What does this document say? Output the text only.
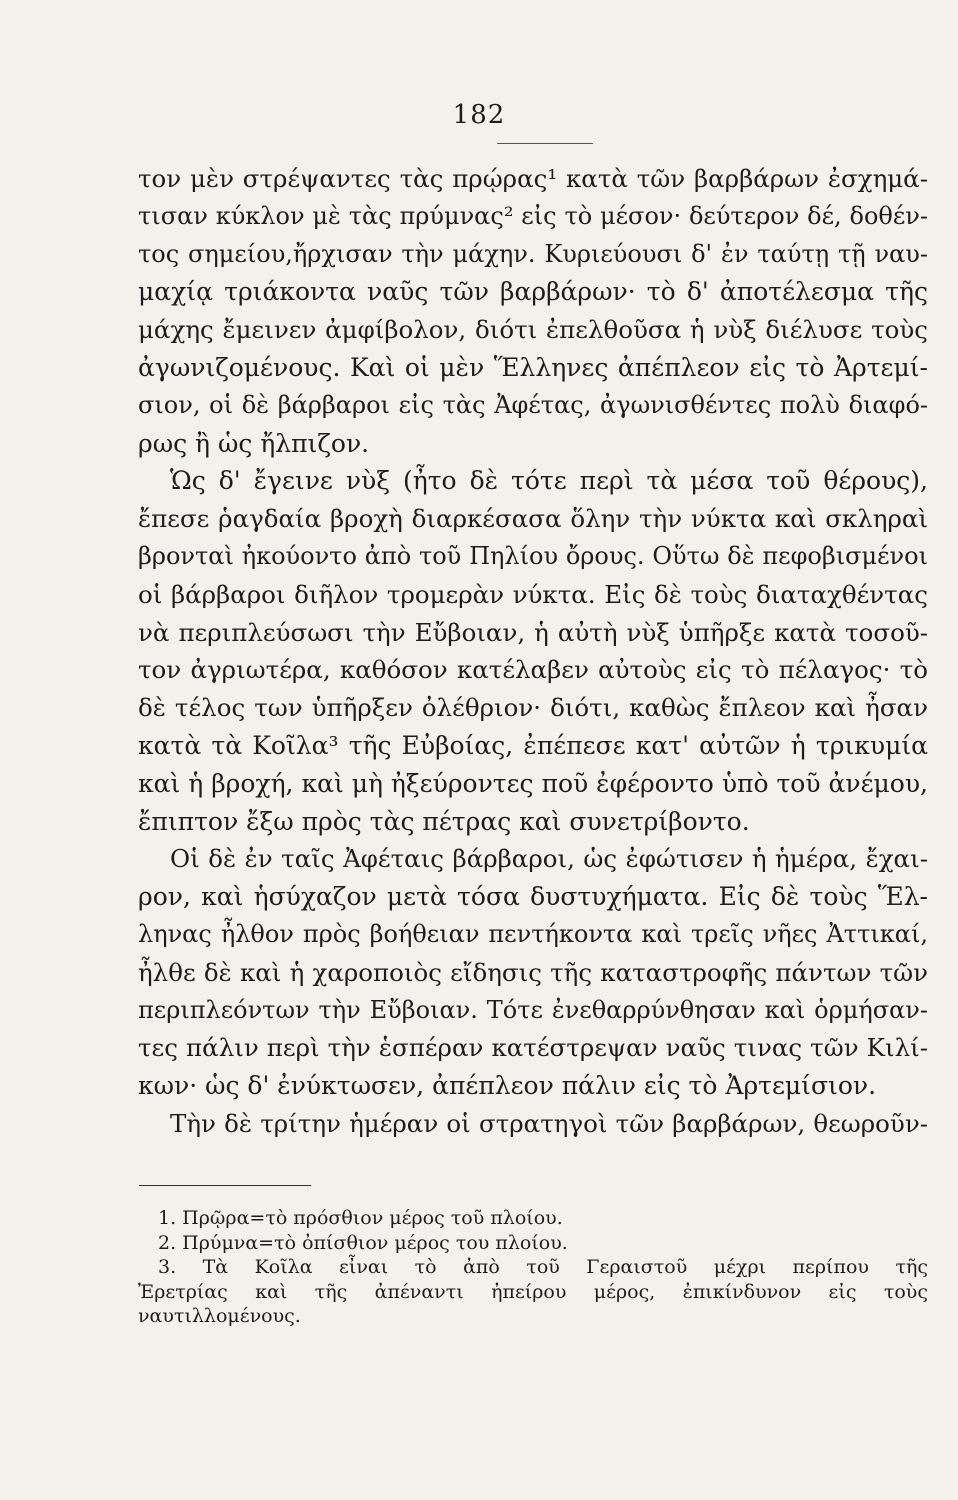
182
τον μὲν στρέψαντες τὰς πρῴρας¹ κατὰ τῶν βαρβάρων ἐσχημά-
τισαν κύκλον μὲ τὰς πρύμνας² εἰς τὸ μέσον· δεύτερον δέ, δοθέν-
τος σημείου,ἤρχισαν τὴν μάχην. Κυριεύουσι δ' ἐν ταύτῃ τῇ ναυ-
μαχίᾳ τριάκοντα ναῦς τῶν βαρβάρων· τὸ δ' ἀποτέλεσμα τῆς
μάχης ἔμεινεν ἀμφίβολον, διότι ἐπελθοῦσα ἡ νὺξ διέλυσε τοὺς
ἀγωνιζομένους. Καὶ οἱ μὲν Ἕλληνες ἀπέπλεον εἰς τὸ Ἀρτεμί-
σιον, οἱ δὲ βάρβαροι εἰς τὰς Ἀφέτας, ἀγωνισθέντες πολὺ διαφό-
ρως ἢ ὡς ἤλπιζον.
Ὡς δ' ἔγεινε νὺξ (ἦτο δὲ τότε περὶ τὰ μέσα τοῦ θέρους),
ἔπεσε ῥαγδαία βροχὴ διαρκέσασα ὅλην τὴν νύκτα καὶ σκληραὶ
βρονταὶ ἠκούοντο ἀπὸ τοῦ Πηλίου ὄρους. Οὕτω δὲ πεφοβισμένοι
οἱ βάρβαροι διῆλον τρομερὰν νύκτα. Εἰς δὲ τοὺς διαταχθέντας
νὰ περιπλεύσωσι τὴν Εὔβοιαν, ἡ αὐτὴ νὺξ ὑπῆρξε κατὰ τοσοῦ-
τον ἀγριωτέρα, καθόσον κατέλαβεν αὐτοὺς εἰς τὸ πέλαγος· τὸ
δὲ τέλος των ὑπῆρξεν ὀλέθριον· διότι, καθὼς ἔπλεον καὶ ἦσαν
κατὰ τὰ Κοῖλα³ τῆς Εὐβοίας, ἐπέπεσε κατ' αὐτῶν ἡ τρικυμία
καὶ ἡ βροχή, καὶ μὴ ἠξεύροντες ποῦ ἐφέροντο ὑπὸ τοῦ ἀνέμου,
ἔπιπτον ἔξω πρὸς τὰς πέτρας καὶ συνετρίβοντο.
Οἱ δὲ ἐν ταῖς Ἀφέταις βάρβαροι, ὡς ἐφώτισεν ἡ ἡμέρα, ἔχαι-
ρον, καὶ ἡσύχαζον μετὰ τόσα δυστυχήματα. Εἰς δὲ τοὺς Ἕλ-
ληνας ἦλθον πρὸς βοήθειαν πεντήκοντα καὶ τρεῖς νῆες Ἀττικαί,
ἦλθε δὲ καὶ ἡ χαροποιὸς εἴδησις τῆς καταστροφῆς πάντων τῶν
περιπλεόντων τὴν Εὔβοιαν. Τότε ἐνεθαρρύνθησαν καὶ ὁρμήσαν-
τες πάλιν περὶ τὴν ἑσπέραν κατέστρεψαν ναῦς τινας τῶν Κιλί-
κων· ὡς δ' ἐνύκτωσεν, ἀπέπλεον πάλιν εἰς τὸ Ἀρτεμίσιον.
Τὴν δὲ τρίτην ἡμέραν οἱ στρατηγοὶ τῶν βαρβάρων, θεωροῦν-
1. Πρῷρα=τὸ πρόσθιον μέρος τοῦ πλοίου.
2. Πρύμνα=τὸ ὀπίσθιον μέρος του πλοίου.
3. Τὰ Κοῖλα εἶναι τὸ ἀπὸ τοῦ Γεραιστοῦ μέχρι περίπου τῆς
Ἐρετρίας καὶ τῆς ἀπέναντι ἠπείρου μέρος, ἐπικίνδυνον εἰς τοὺς
ναυτιλλομένους.
